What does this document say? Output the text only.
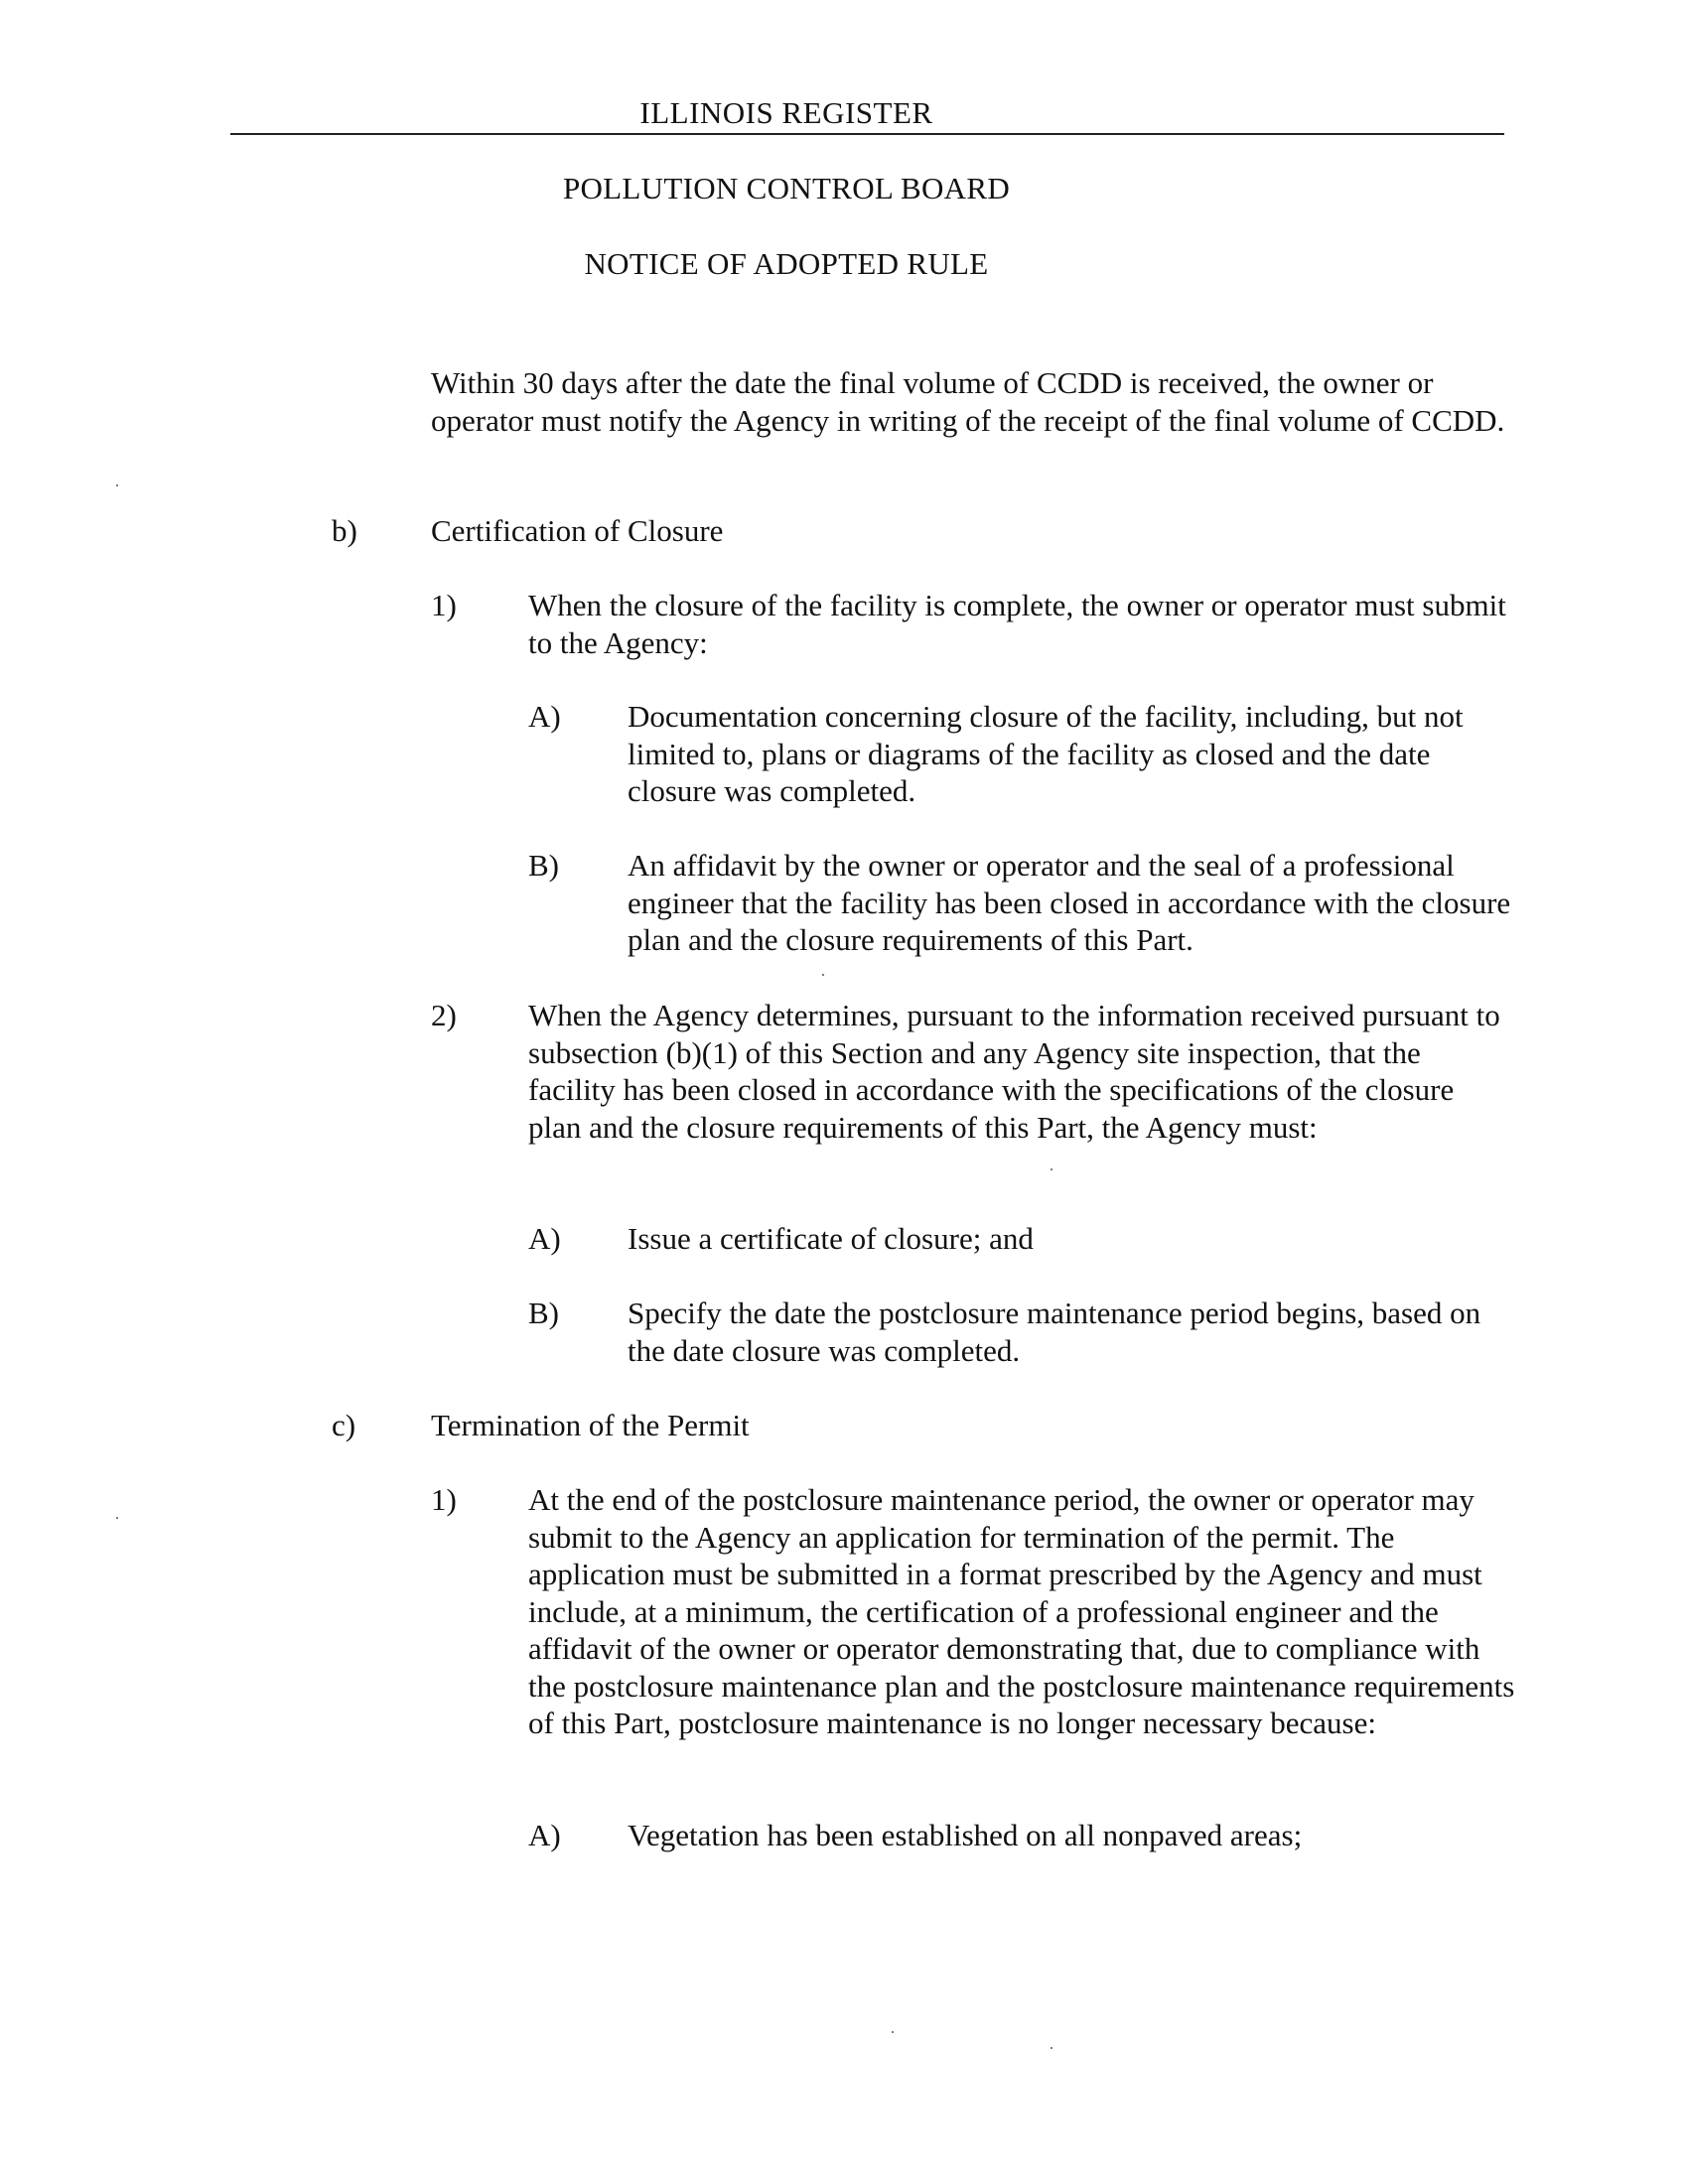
ILLINOIS REGISTER
POLLUTION CONTROL BOARD
NOTICE OF ADOPTED RULE

Within 30 days after the date the final volume of CCDD is received, the owner or operator must notify the Agency in writing of the receipt of the final volume of CCDD.

b) Certification of Closure
1) When the closure of the facility is complete, the owner or operator must submit to the Agency:

A) Documentation concerning closure of the facility, including, but not limited to, plans or diagrams of the facility as closed and the date closure was completed.

B) An affidavit by the owner or operator and the seal of a professional engineer that the facility has been closed in accordance with the closure plan and the closure requirements of this Part.

2) When the Agency determines, pursuant to the information received pursuant to subsection (b)(1) of this Section and any Agency site inspection, that the facility has been closed in accordance with the specifications of the closure plan and the closure requirements of this Part, the Agency must:

A) Issue a certificate of closure; and

B) Specify the date the postclosure maintenance period begins, based on the date closure was completed.

c) Termination of the Permit
1) At the end of the postclosure maintenance period, the owner or operator may submit to the Agency an application for termination of the permit. The application must be submitted in a format prescribed by the Agency and must include, at a minimum, the certification of a professional engineer and the affidavit of the owner or operator demonstrating that, due to compliance with the postclosure maintenance plan and the postclosure maintenance requirements of this Part, postclosure maintenance is no longer necessary because:

A) Vegetation has been established on all nonpaved areas;
